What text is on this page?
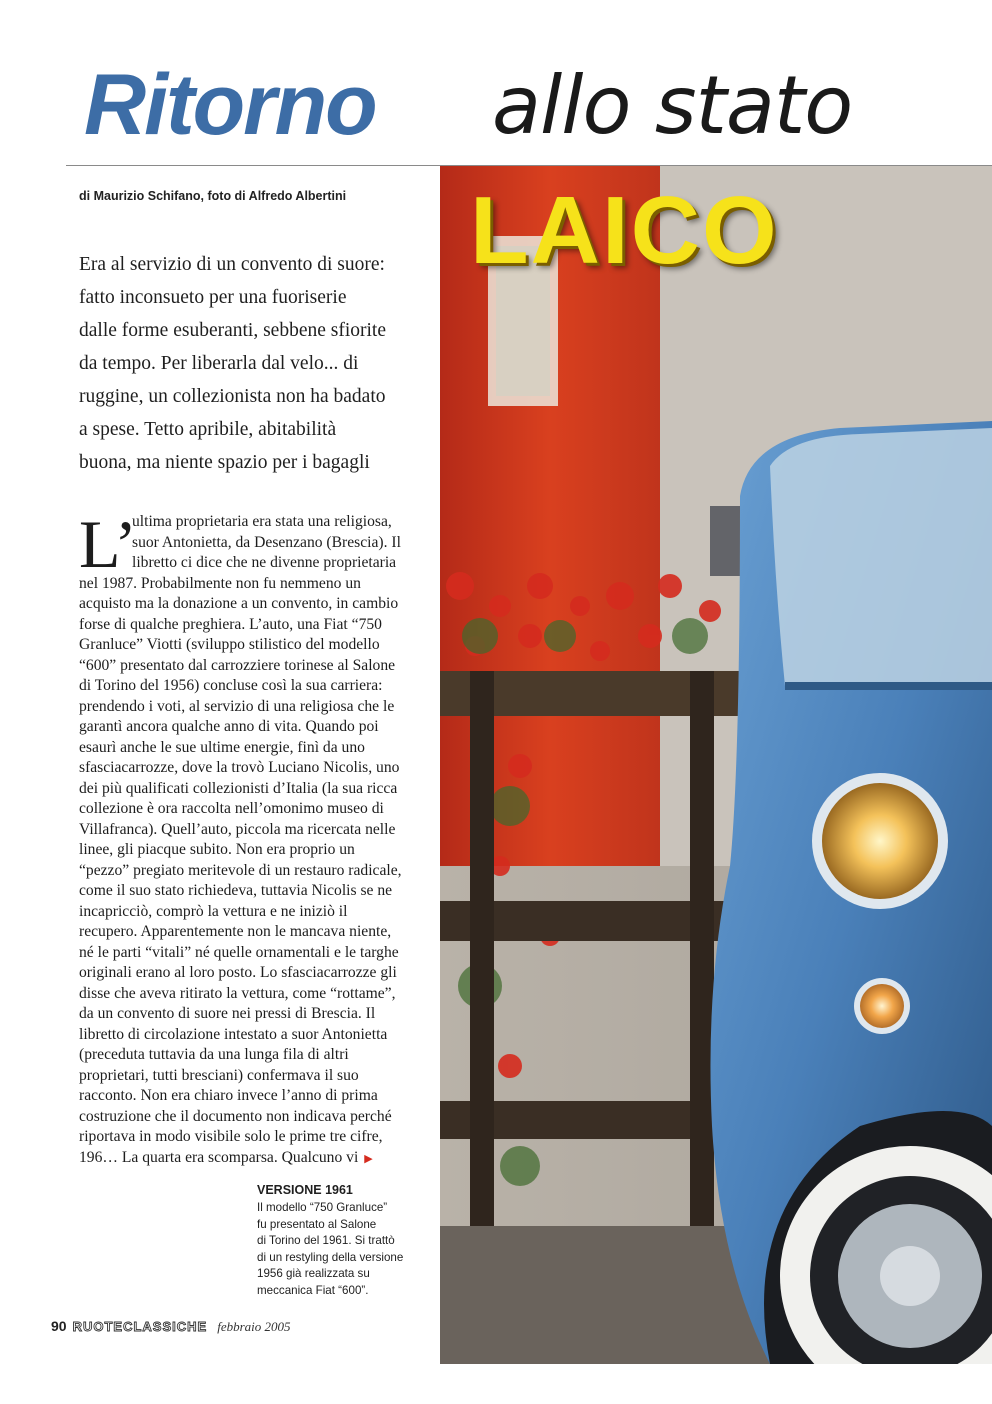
Ritorno allo stato
di Maurizio Schifano, foto di Alfredo Albertini LAICO
Era al servizio di un convento di suore:
fatto inconsueto per una fuoriserie
dalle forme esuberanti, sebbene sfiorite
da tempo. Per liberarla dal velo... di
ruggine, un collezionista non ha badato
a spese. Tetto apribile, abitabilità
buona, ma niente spazio per i bagagli
L’
ultima proprietaria era stata una religiosa,
suor Antonietta, da Desenzano (Brescia). Il
libretto ci dice che ne divenne proprietaria
nel 1987. Probabilmente non fu nemmeno un
acquisto ma la donazione a un convento, in cambio
forse di qualche preghiera. L’auto, una Fiat “750
Granluce” Viotti (sviluppo stilistico del modello
“600” presentato dal carrozziere torinese al Salone
di Torino del 1956) concluse così la sua carriera:
prendendo i voti, al servizio di una religiosa che le
garantì ancora qualche anno di vita. Quando poi
esaurì anche le sue ultime energie, finì da uno
sfasciacarrozze, dove la trovò Luciano Nicolis, uno
dei più qualificati collezionisti d’Italia (la sua ricca
collezione è ora raccolta nell’omonimo museo di
Villafranca). Quell’auto, piccola ma ricercata nelle
linee, gli piacque subito. Non era proprio un
“pezzo” pregiato meritevole di un restauro radicale,
come il suo stato richiedeva, tuttavia Nicolis se ne
incapricciò, comprò la vettura e ne iniziò il
recupero. Apparentemente non le mancava niente,
né le parti “vitali” né quelle ornamentali e le targhe
originali erano al loro posto. Lo sfasciacarrozze gli
disse che aveva ritirato la vettura, come “rottame”,
da un convento di suore nei pressi di Brescia. Il
libretto di circolazione intestato a suor Antonietta
(preceduta tuttavia da una lunga fila di altri
proprietari, tutti bresciani) confermava il suo
racconto. Non era chiaro invece l’anno di prima
costruzione che il documento non indicava perché
riportava in modo visibile solo le prime tre cifre,
196… La quarta era scomparsa. Qualcuno vi ▶
VERSIONE 1961
Il modello “750 Granluce”
fu presentato al Salone
di Torino del 1961. Si trattò
di un restyling della versione
1956 già realizzata su
meccanica Fiat “600”.
90 RUOTECLASSICHE febbraio 2005
